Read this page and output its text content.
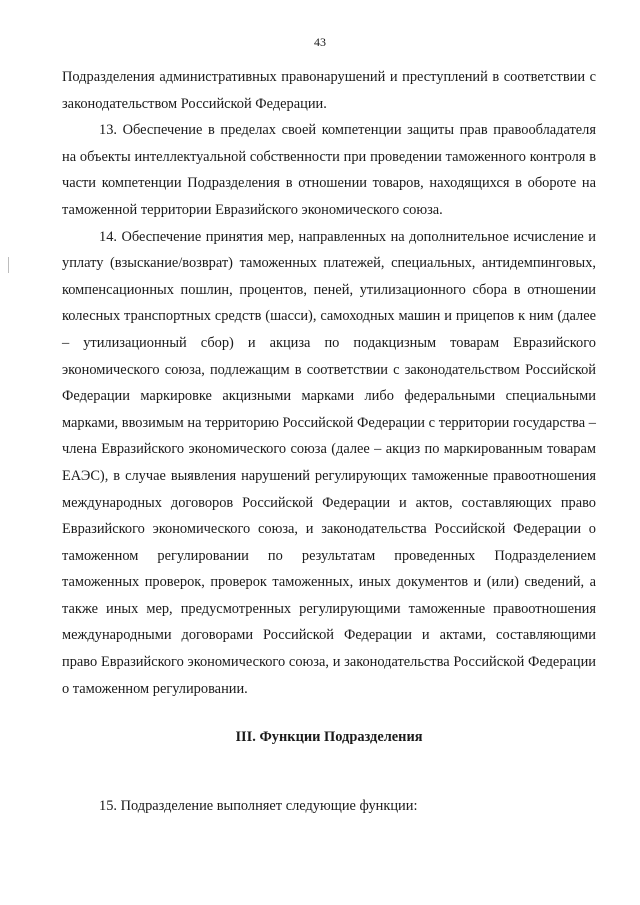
43

Подразделения административных правонарушений и преступлений в соответствии с законодательством Российской Федерации.

13. Обеспечение в пределах своей компетенции защиты прав правообладателя на объекты интеллектуальной собственности при проведении таможенного контроля в части компетенции Подразделения в отношении товаров, находящихся в обороте на таможенной территории Евразийского экономического союза.

14. Обеспечение принятия мер, направленных на дополнительное исчисление и уплату (взыскание/возврат) таможенных платежей, специальных, антидемпинговых, компенсационных пошлин, процентов, пеней, утилизационного сбора в отношении колесных транспортных средств (шасси), самоходных машин и прицепов к ним (далее – утилизационный сбор) и акциза по подакцизным товарам Евразийского экономического союза, подлежащим в соответствии с законодательством Российской Федерации маркировке акцизными марками либо федеральными специальными марками, ввозимым на территорию Российской Федерации с территории государства – члена Евразийского экономического союза (далее – акциз по маркированным товарам ЕАЭС), в случае выявления нарушений регулирующих таможенные правоотношения международных договоров Российской Федерации и актов, составляющих право Евразийского экономического союза, и законодательства Российской Федерации о таможенном регулировании по результатам проведенных Подразделением таможенных проверок, проверок таможенных, иных документов и (или) сведений, а также иных мер, предусмотренных регулирующими таможенные правоотношения международными договорами Российской Федерации и актами, составляющими право Евразийского экономического союза, и законодательства Российской Федерации о таможенном регулировании.

III. Функции Подразделения

15. Подразделение выполняет следующие функции:
